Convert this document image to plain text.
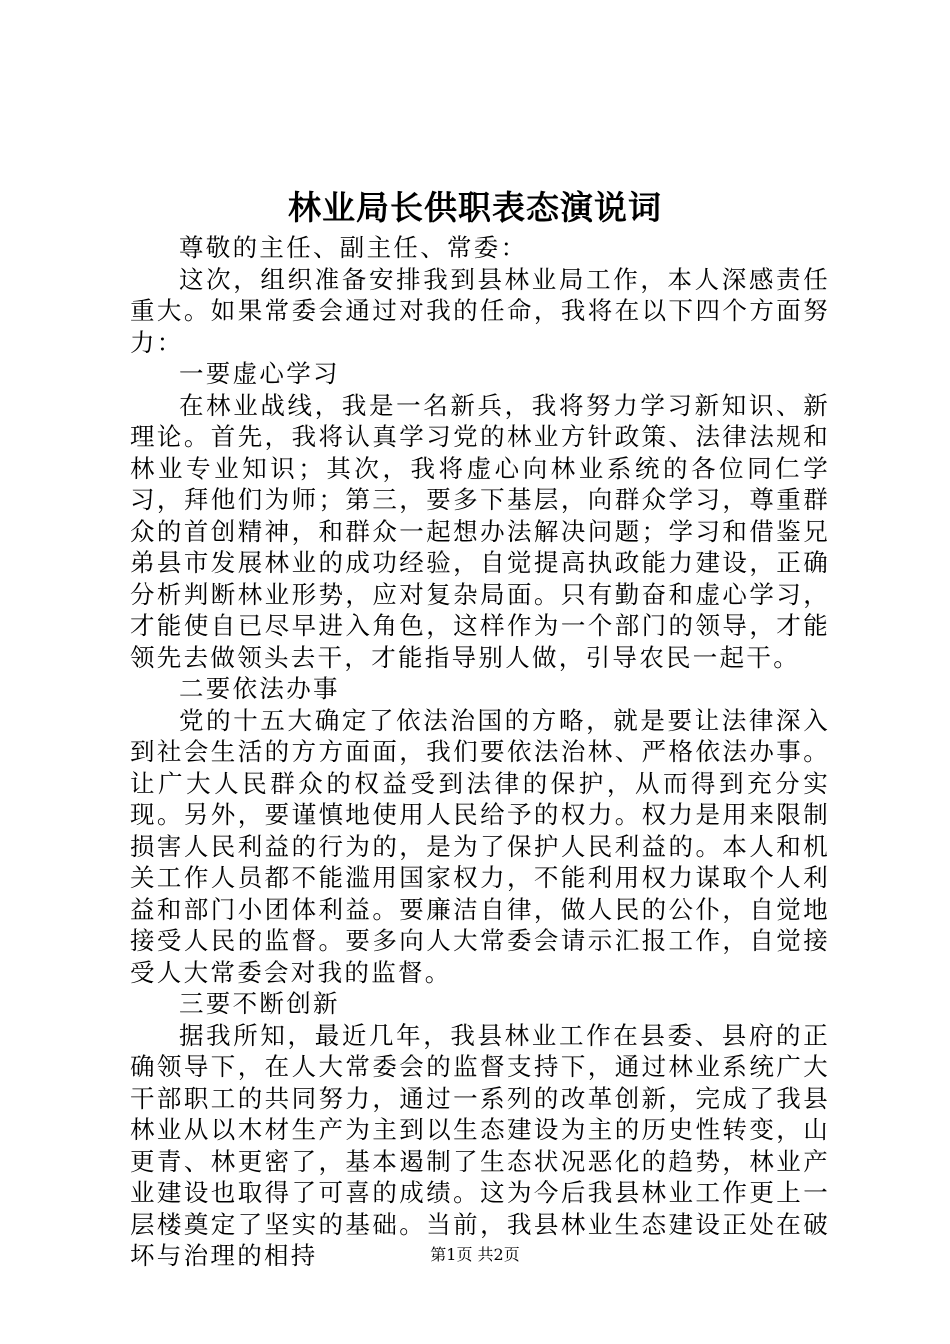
林业局长供职表态演说词

尊敬的主任、副主任、常委：

这次，组织准备安排我到县林业局工作，本人深感责任重大。如果常委会通过对我的任命，我将在以下四个方面努力：

一要虚心学习

在林业战线，我是一名新兵，我将努力学习新知识、新理论。首先，我将认真学习党的林业方针政策、法律法规和林业专业知识；其次，我将虚心向林业系统的各位同仁学习，拜他们为师；第三，要多下基层，向群众学习，尊重群众的首创精神，和群众一起想办法解决问题；学习和借鉴兄弟县市发展林业的成功经验，自觉提高执政能力建设，正确分析判断林业形势，应对复杂局面。只有勤奋和虚心学习，才能使自已尽早进入角色，这样作为一个部门的领导，才能领先去做领头去干，才能指导别人做，引导农民一起干。

二要依法办事

党的十五大确定了依法治国的方略，就是要让法律深入到社会生活的方方面面，我们要依法治林、严格依法办事。让广大人民群众的权益受到法律的保护，从而得到充分实现。另外，要谨慎地使用人民给予的权力。权力是用来限制损害人民利益的行为的，是为了保护人民利益的。本人和机关工作人员都不能滥用国家权力，不能利用权力谋取个人利益和部门小团体利益。要廉洁自律，做人民的公仆，自觉地接受人民的监督。要多向人大常委会请示汇报工作，自觉接受人大常委会对我的监督。

三要不断创新

据我所知，最近几年，我县林业工作在县委、县府的正确领导下，在人大常委会的监督支持下，通过林业系统广大干部职工的共同努力，通过一系列的改革创新，完成了我县林业从以木材生产为主到以生态建设为主的历史性转变，山更青、林更密了，基本遏制了生态状况恶化的趋势，林业产业建设也取得了可喜的成绩。这为今后我县林业工作更上一层楼奠定了坚实的基础。当前，我县林业生态建设正处在破坏与治理的相持	第1页 共2页
